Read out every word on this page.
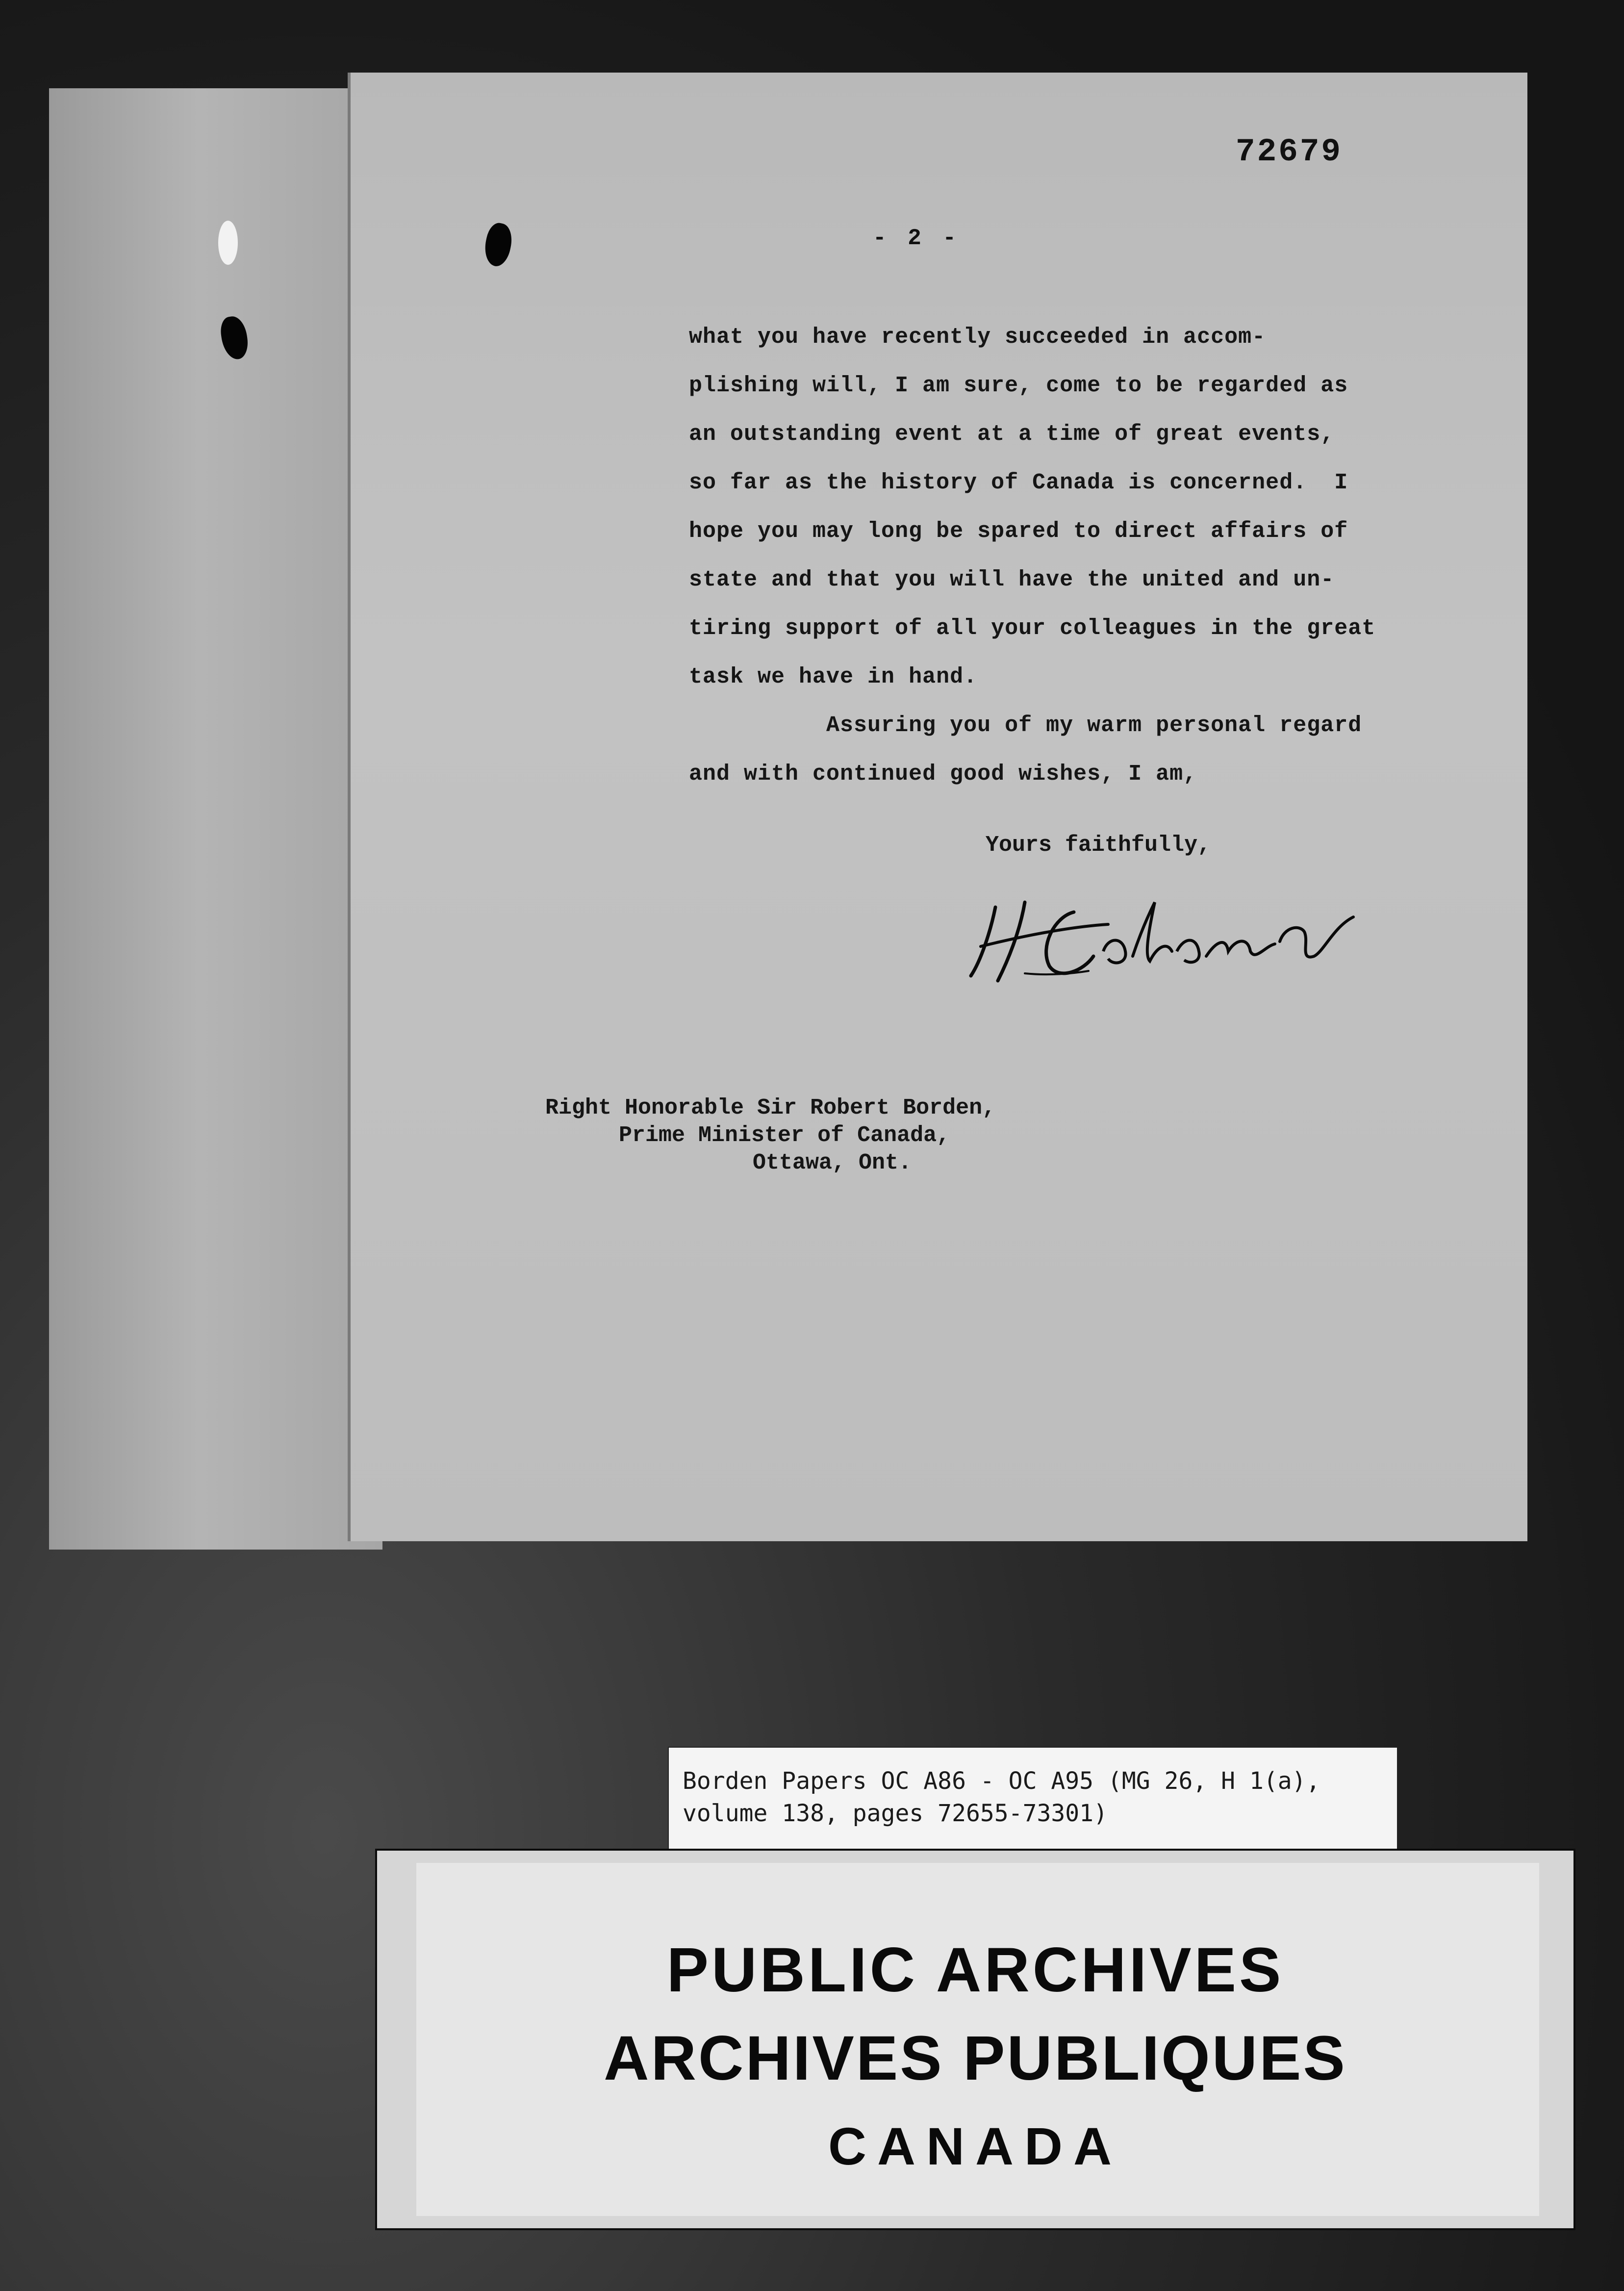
72679
- 2 -
what you have recently succeeded in accom-
plishing will, I am sure, come to be regarded as
an outstanding event at a time of great events,
so far as the history of Canada is concerned.  I
hope you may long be spared to direct affairs of
state and that you will have the united and un-
tiring support of all your colleagues in the great
task we have in hand.
Assuring you of my warm personal regard
and with continued good wishes, I am,
Yours faithfully,
Right Honorable Sir Robert Borden,
Prime Minister of Canada,
Ottawa, Ont.
Borden Papers OC A86 - OC A95 (MG 26, H 1(a),
volume 138, pages 72655-73301)
PUBLIC ARCHIVES
ARCHIVES PUBLIQUES
CANADA
